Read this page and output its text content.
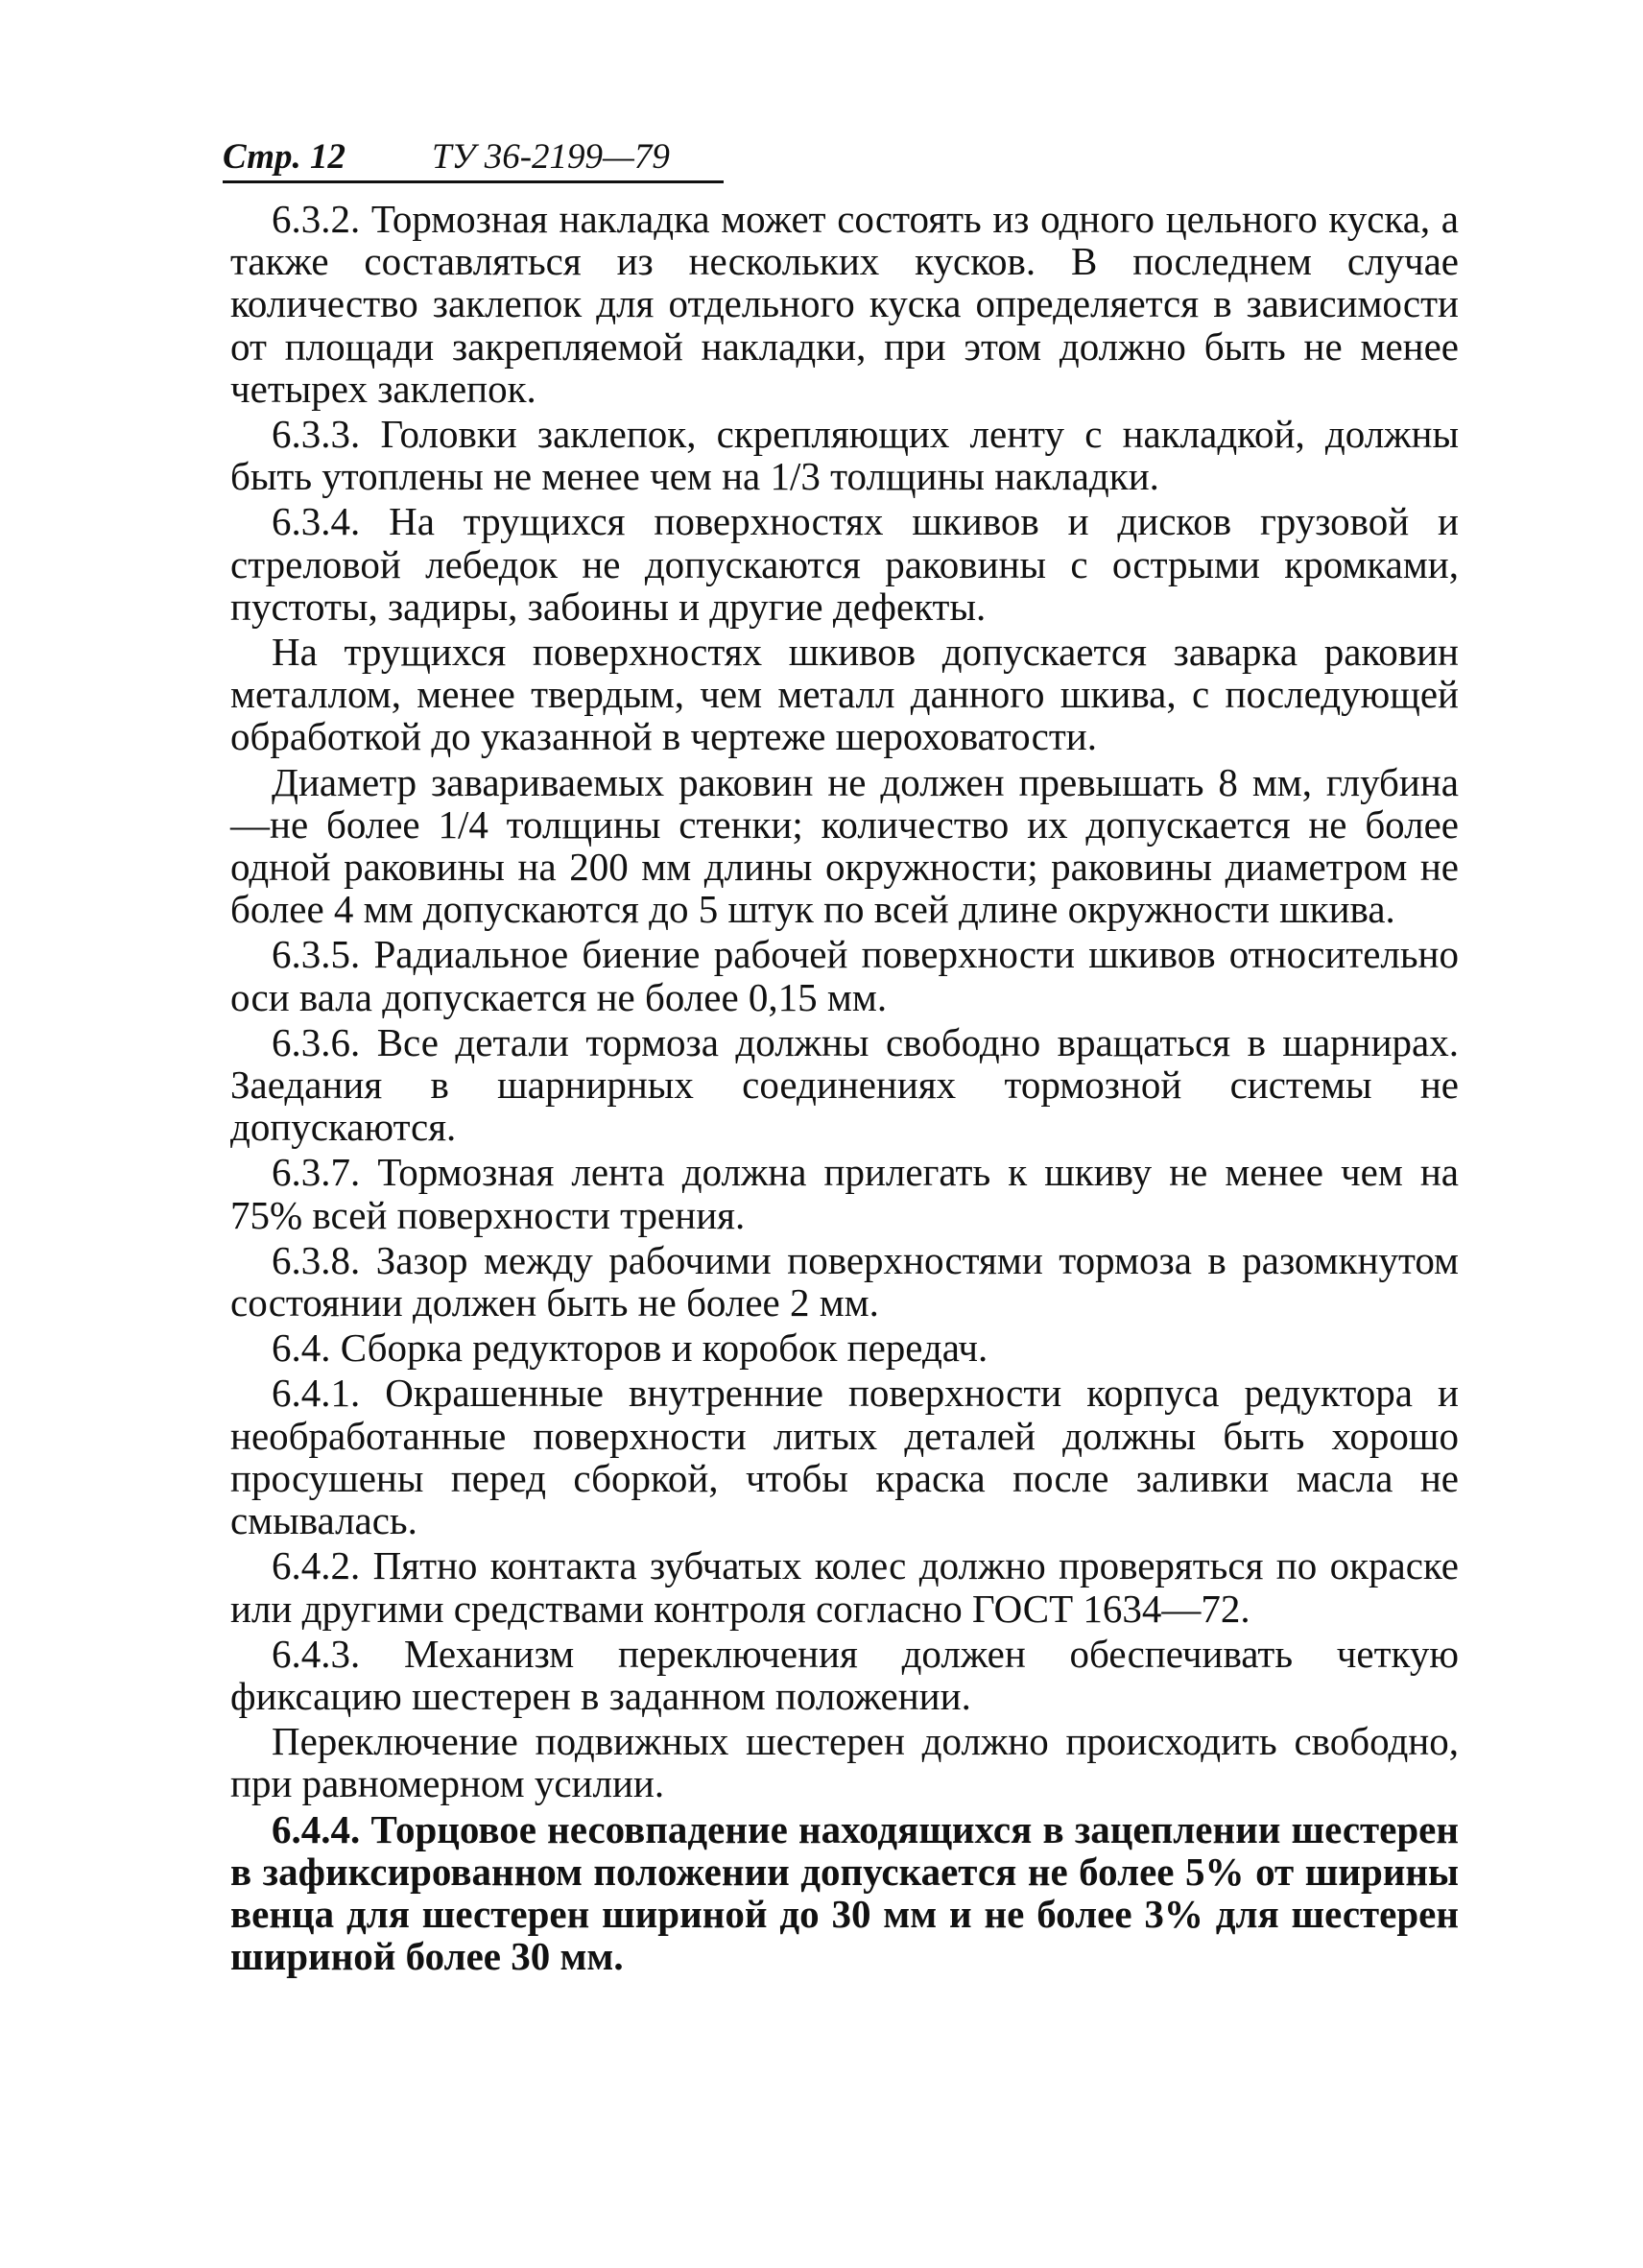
Стр. 12 ТУ 36-2199—79

6.3.2. Тормозная накладка может состоять из одного цельного куска, а также составляться из нескольких кусков. В последнем случае количество заклепок для отдельного куска определяется в зависимости от площади закрепляемой накладки, при этом должно быть не менее четырех заклепок.

6.3.3. Головки заклепок, скрепляющих ленту с накладкой, должны быть утоплены не менее чем на 1/3 толщины накладки.

6.3.4. На трущихся поверхностях шкивов и дисков грузовой и стреловой лебедок не допускаются раковины с острыми кромками, пустоты, задиры, забоины и другие дефекты.

На трущихся поверхностях шкивов допускается заварка раковин металлом, менее твердым, чем металл данного шкива, с последующей обработкой до указанной в чертеже шероховатости.

Диаметр завариваемых раковин не должен превышать 8 мм, глубина—не более 1/4 толщины стенки; количество их допускается не более одной раковины на 200 мм длины окружности; раковины диаметром не более 4 мм допускаются до 5 штук по всей длине окружности шкива.

6.3.5. Радиальное биение рабочей поверхности шкивов относительно оси вала допускается не более 0,15 мм.

6.3.6. Все детали тормоза должны свободно вращаться в шарнирах. Заедания в шарнирных соединениях тормозной системы не допускаются.

6.3.7. Тормозная лента должна прилегать к шкиву не менее чем на 75% всей поверхности трения.

6.3.8. Зазор между рабочими поверхностями тормоза в разомкнутом состоянии должен быть не более 2 мм.

6.4. Сборка редукторов и коробок передач.

6.4.1. Окрашенные внутренние поверхности корпуса редуктора и необработанные поверхности литых деталей должны быть хорошо просушены перед сборкой, чтобы краска после заливки масла не смывалась.

6.4.2. Пятно контакта зубчатых колес должно проверяться по окраске или другими средствами контроля согласно ГОСТ 1634—72.

6.4.3. Механизм переключения должен обеспечивать четкую фиксацию шестерен в заданном положении.

Переключение подвижных шестерен должно происходить свободно, при равномерном усилии.

6.4.4. Торцовое несовпадение находящихся в зацеплении шестерен в зафиксированном положении допускается не более 5% от ширины венца для шестерен шириной до 30 мм и не более 3% для шестерен шириной более 30 мм.
